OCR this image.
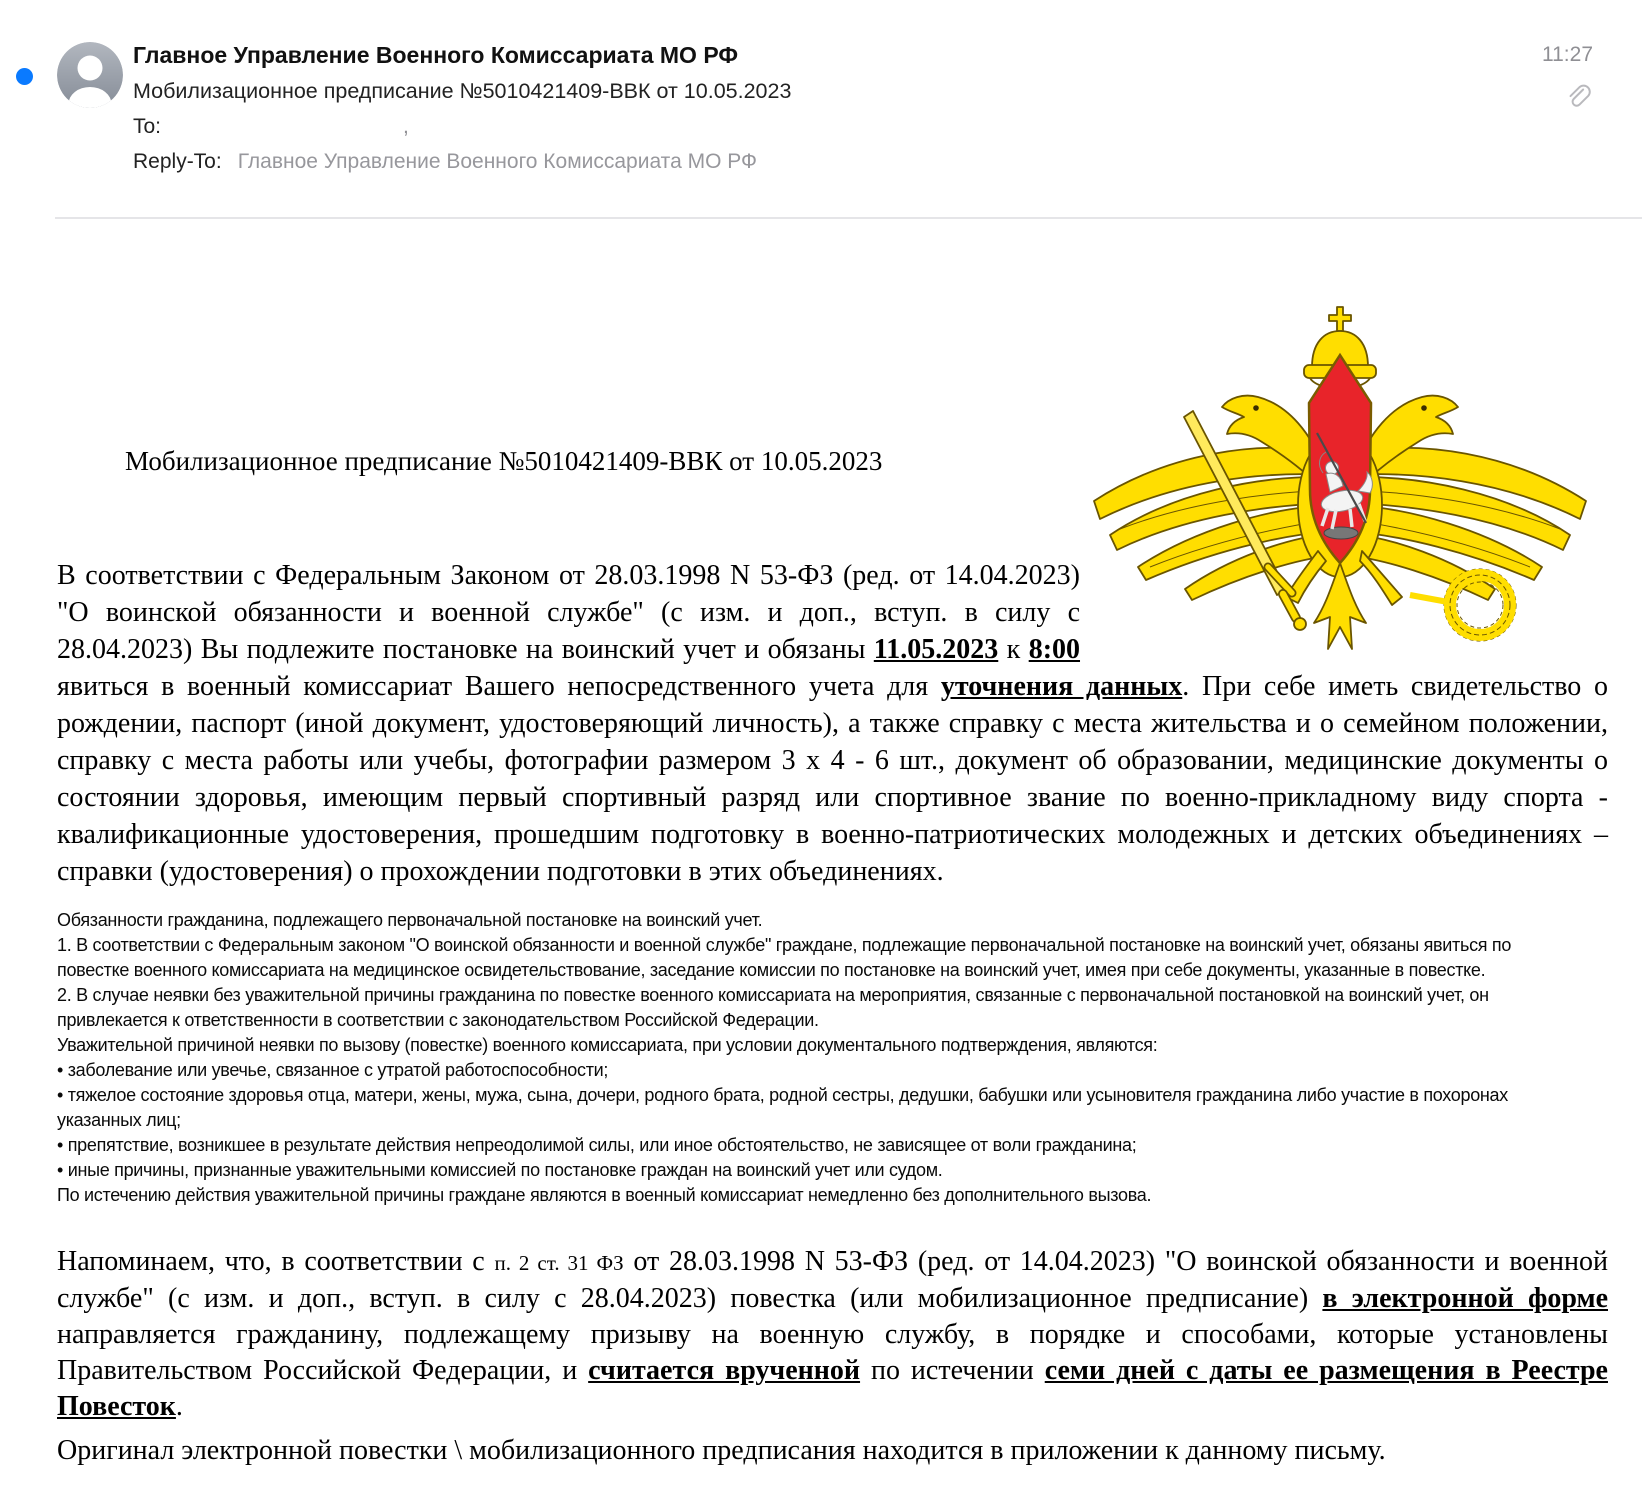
Главное Управление Военного Комиссариата МО РФ
Мобилизационное предписание №5010421409-ВВК от 10.05.2023
To:	,
Reply-To: Главное Управление Военного Комиссариата МО РФ
11:27
Мобилизационное предписание №5010421409-ВВК от 10.05.2023

В соответствии с Федеральным Законом от 28.03.1998 N 53-ФЗ (ред. от 14.04.2023) "О воинской обязанности и военной службе" (с изм. и доп., вступ. в силу с 28.04.2023) Вы подлежите постановке на воинский учет и обязаны 11.05.2023 к 8:00 явиться в военный комиссариат Вашего непосредственного учета для уточнения данных. При себе иметь свидетельство о рождении, паспорт (иной документ, удостоверяющий личность), а также справку с места жительства и о семейном положении, справку с места работы или учебы, фотографии размером 3 х 4 - 6 шт., документ об образовании, медицинские документы о состоянии здоровья, имеющим первый спортивный разряд или спортивное звание по военно-прикладному виду спорта - квалификационные удостоверения, прошедшим подготовку в военно-патриотических молодежных и детских объединениях – справки (удостоверения) о прохождении подготовки в этих объединениях.

Обязанности гражданина, подлежащего первоначальной постановке на воинский учет.
1. В соответствии с Федеральным законом "О воинской обязанности и военной службе" граждане, подлежащие первоначальной постановке на воинский учет, обязаны явиться по повестке военного комиссариата на медицинское освидетельствование, заседание комиссии по постановке на воинский учет, имея при себе документы, указанные в повестке.
2. В случае неявки без уважительной причины гражданина по повестке военного комиссариата на мероприятия, связанные с первоначальной постановкой на воинский учет, он привлекается к ответственности в соответствии с законодательством Российской Федерации.
Уважительной причиной неявки по вызову (повестке) военного комиссариата, при условии документального подтверждения, являются:
• заболевание или увечье, связанное с утратой работоспособности;
• тяжелое состояние здоровья отца, матери, жены, мужа, сына, дочери, родного брата, родной сестры, дедушки, бабушки или усыновителя гражданина либо участие в похоронах указанных лиц;
• препятствие, возникшее в результате действия непреодолимой силы, или иное обстоятельство, не зависящее от воли гражданина;
• иные причины, признанные уважительными комиссией по постановке граждан на воинский учет или судом.
По истечению действия уважительной причины граждане являются в военный комиссариат немедленно без дополнительного вызова.

Напоминаем, что, в соответствии с п. 2 ст. 31 ФЗ от 28.03.1998 N 53-ФЗ (ред. от 14.04.2023) "О воинской обязанности и военной службе" (с изм. и доп., вступ. в силу с 28.04.2023) повестка (или мобилизационное предписание) в электронной форме направляется гражданину, подлежащему призыву на военную службу, в порядке и способами, которые установлены Правительством Российской Федерации, и считается врученной по истечении семи дней с даты ее размещения в Реестре Повесток.

Оригинал электронной повестки \ мобилизационного предписания находится в приложении к данному письму.
